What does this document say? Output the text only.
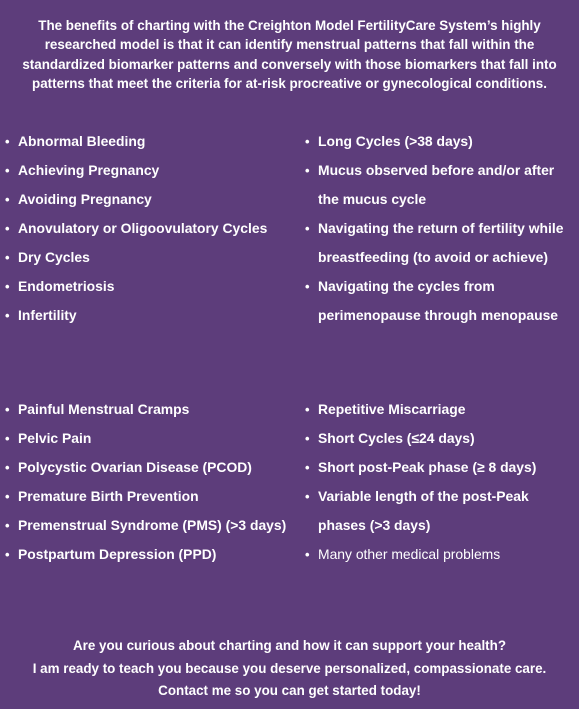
The benefits of charting with the Creighton Model FertilityCare System’s highly

researched model is that it can identify menstrual patterns that fall within the

standardized biomarker patterns and conversely with those biomarkers that fall into

patterns that meet the criteria for at-risk procreative or gynecological conditions.

• Abnormal Bleeding
• Achieving Pregnancy
• Avoiding Pregnancy
• Anovulatory or Oligoovulatory Cycles
• Dry Cycles
• Endometriosis
• Infertility
• Long Cycles (>38 days)
• Mucus observed before and/or after
the mucus cycle
• Navigating the return of fertility while
breastfeeding (to avoid or achieve)
• Navigating the cycles from
perimenopause through menopause
• Painful Menstrual Cramps
• Pelvic Pain
• Polycystic Ovarian Disease (PCOD)
• Premature Birth Prevention
• Premenstrual Syndrome (PMS) (>3 days)
• Postpartum Depression (PPD)
• Repetitive Miscarriage
• Short Cycles (≤24 days)
• Short post-Peak phase (≥ 8 days)
• Variable length of the post-Peak
phases (>3 days)
• Many other medical problems

Are you curious about charting and how it can support your health?

I am ready to teach you because you deserve personalized, compassionate care.

Contact me so you can get started today!
